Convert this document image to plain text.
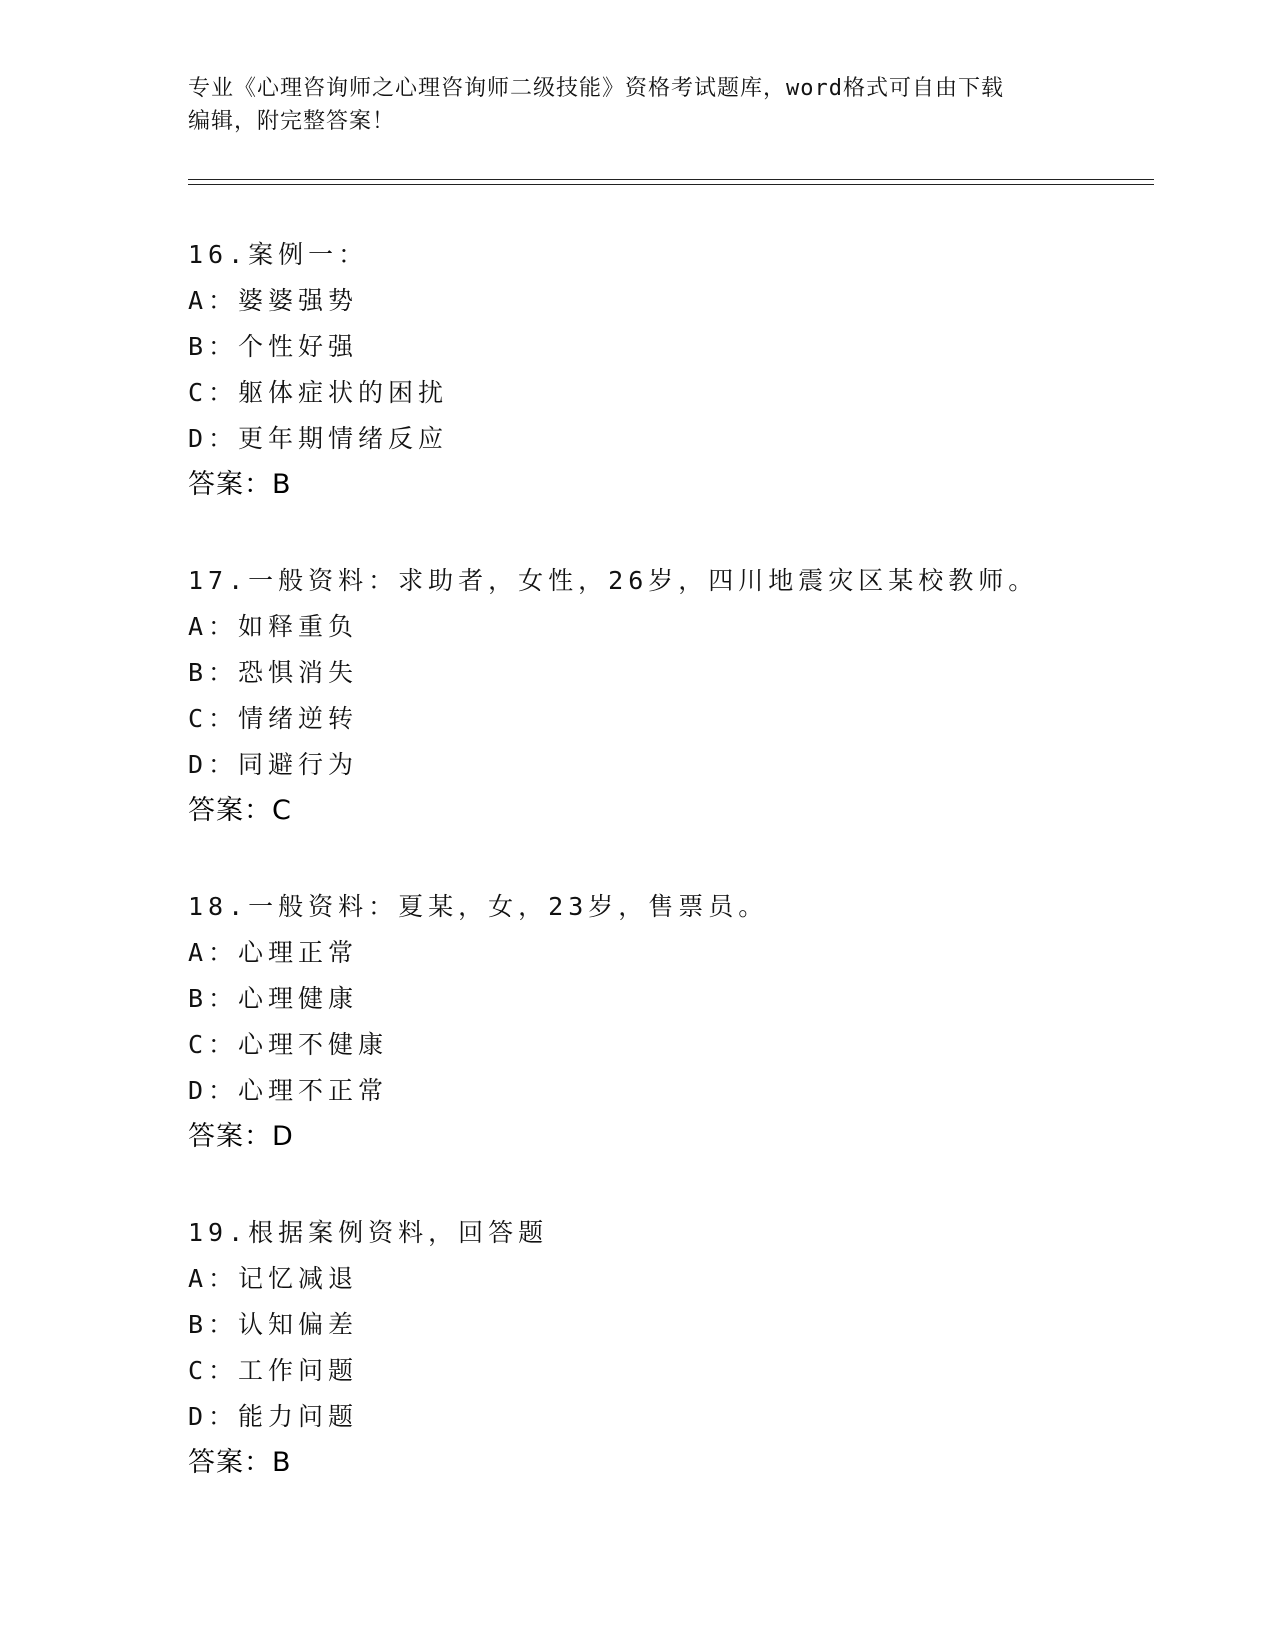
专业《心理咨询师之心理咨询师二级技能》资格考试题库，word格式可自由下载
编辑，附完整答案！
16.案例一：
A：婆婆强势
B：个性好强
C：躯体症状的困扰
D：更年期情绪反应
答案：B
17.一般资料：求助者，女性，26岁，四川地震灾区某校教师。
A：如释重负
B：恐惧消失
C：情绪逆转
D：同避行为
答案：C
18.一般资料：夏某，女，23岁，售票员。
A：心理正常
B：心理健康
C：心理不健康
D：心理不正常
答案：D
19.根据案例资料，回答题
A：记忆减退
B：认知偏差
C：工作问题
D：能力问题
答案：B
